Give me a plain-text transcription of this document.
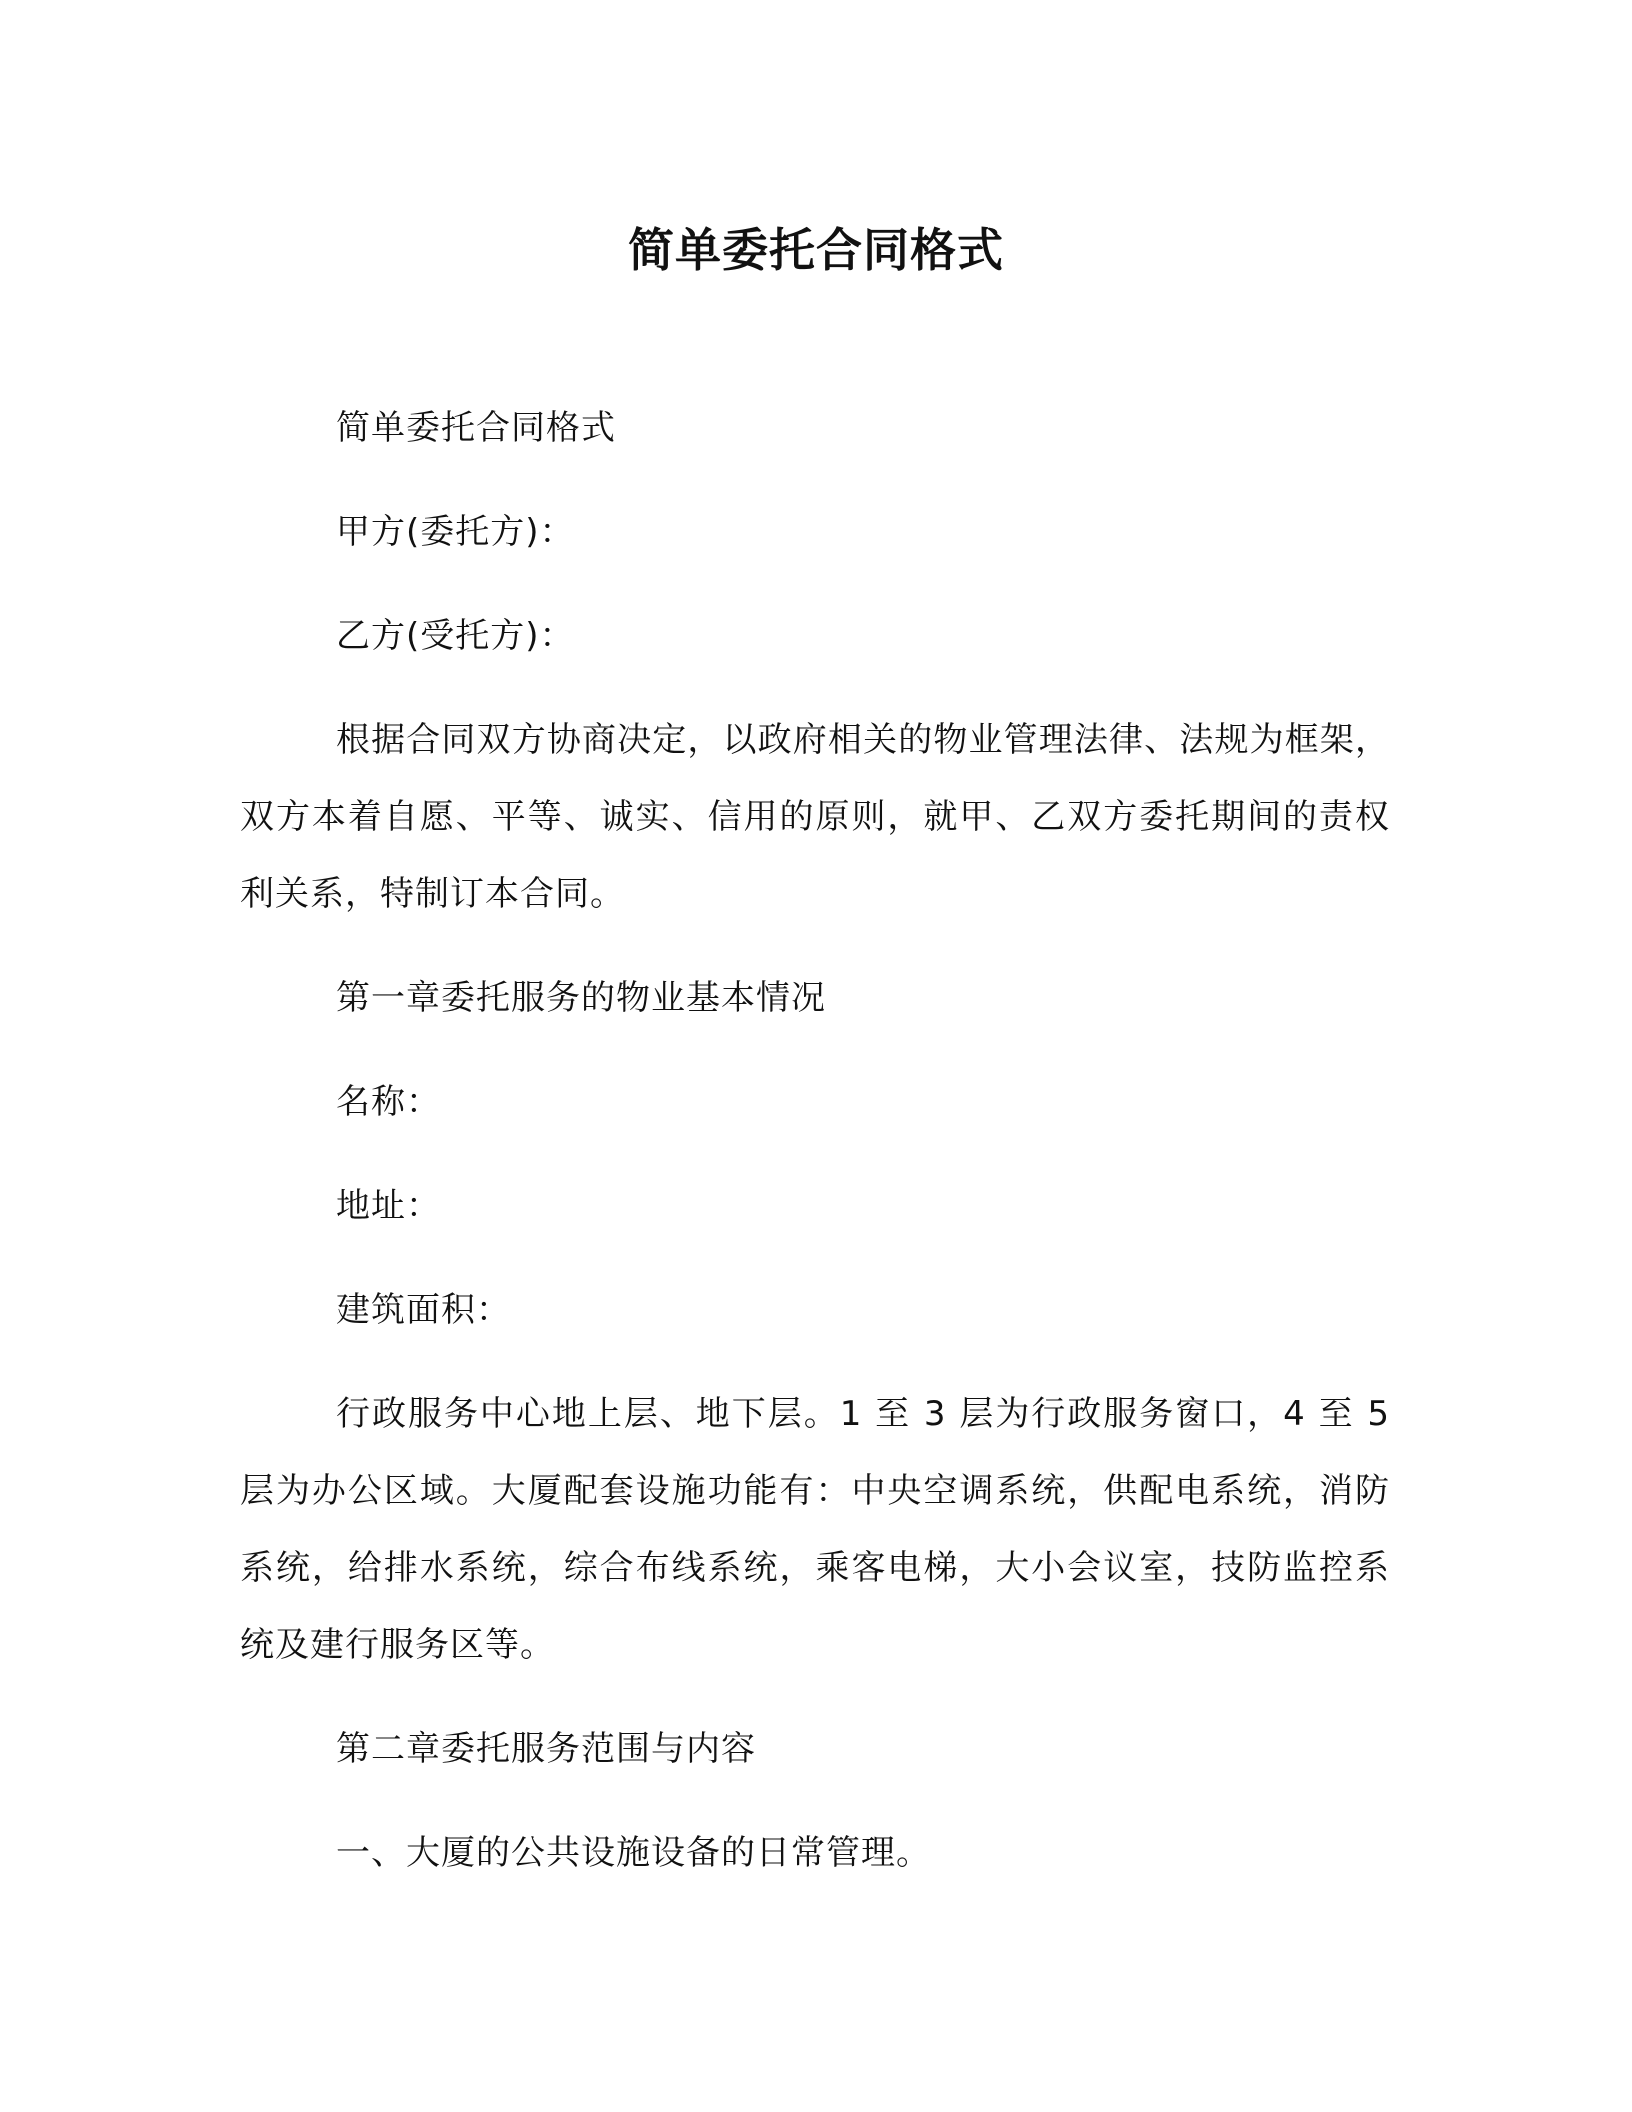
简单委托合同格式

简单委托合同格式

甲方(委托方)：

乙方(受托方)：

根据合同双方协商决定，以政府相关的物业管理法律、法规为框架，双方本着自愿、平等、诚实、信用的原则，就甲、乙双方委托期间的责权利关系，特制订本合同。

第一章委托服务的物业基本情况

名称：

地址：

建筑面积：

行政服务中心地上层、地下层。1 至 3 层为行政服务窗口，4 至 5 层为办公区域。大厦配套设施功能有：中央空调系统，供配电系统，消防系统，给排水系统，综合布线系统，乘客电梯，大小会议室，技防监控系统及建行服务区等。

第二章委托服务范围与内容

一、大厦的公共设施设备的日常管理。
